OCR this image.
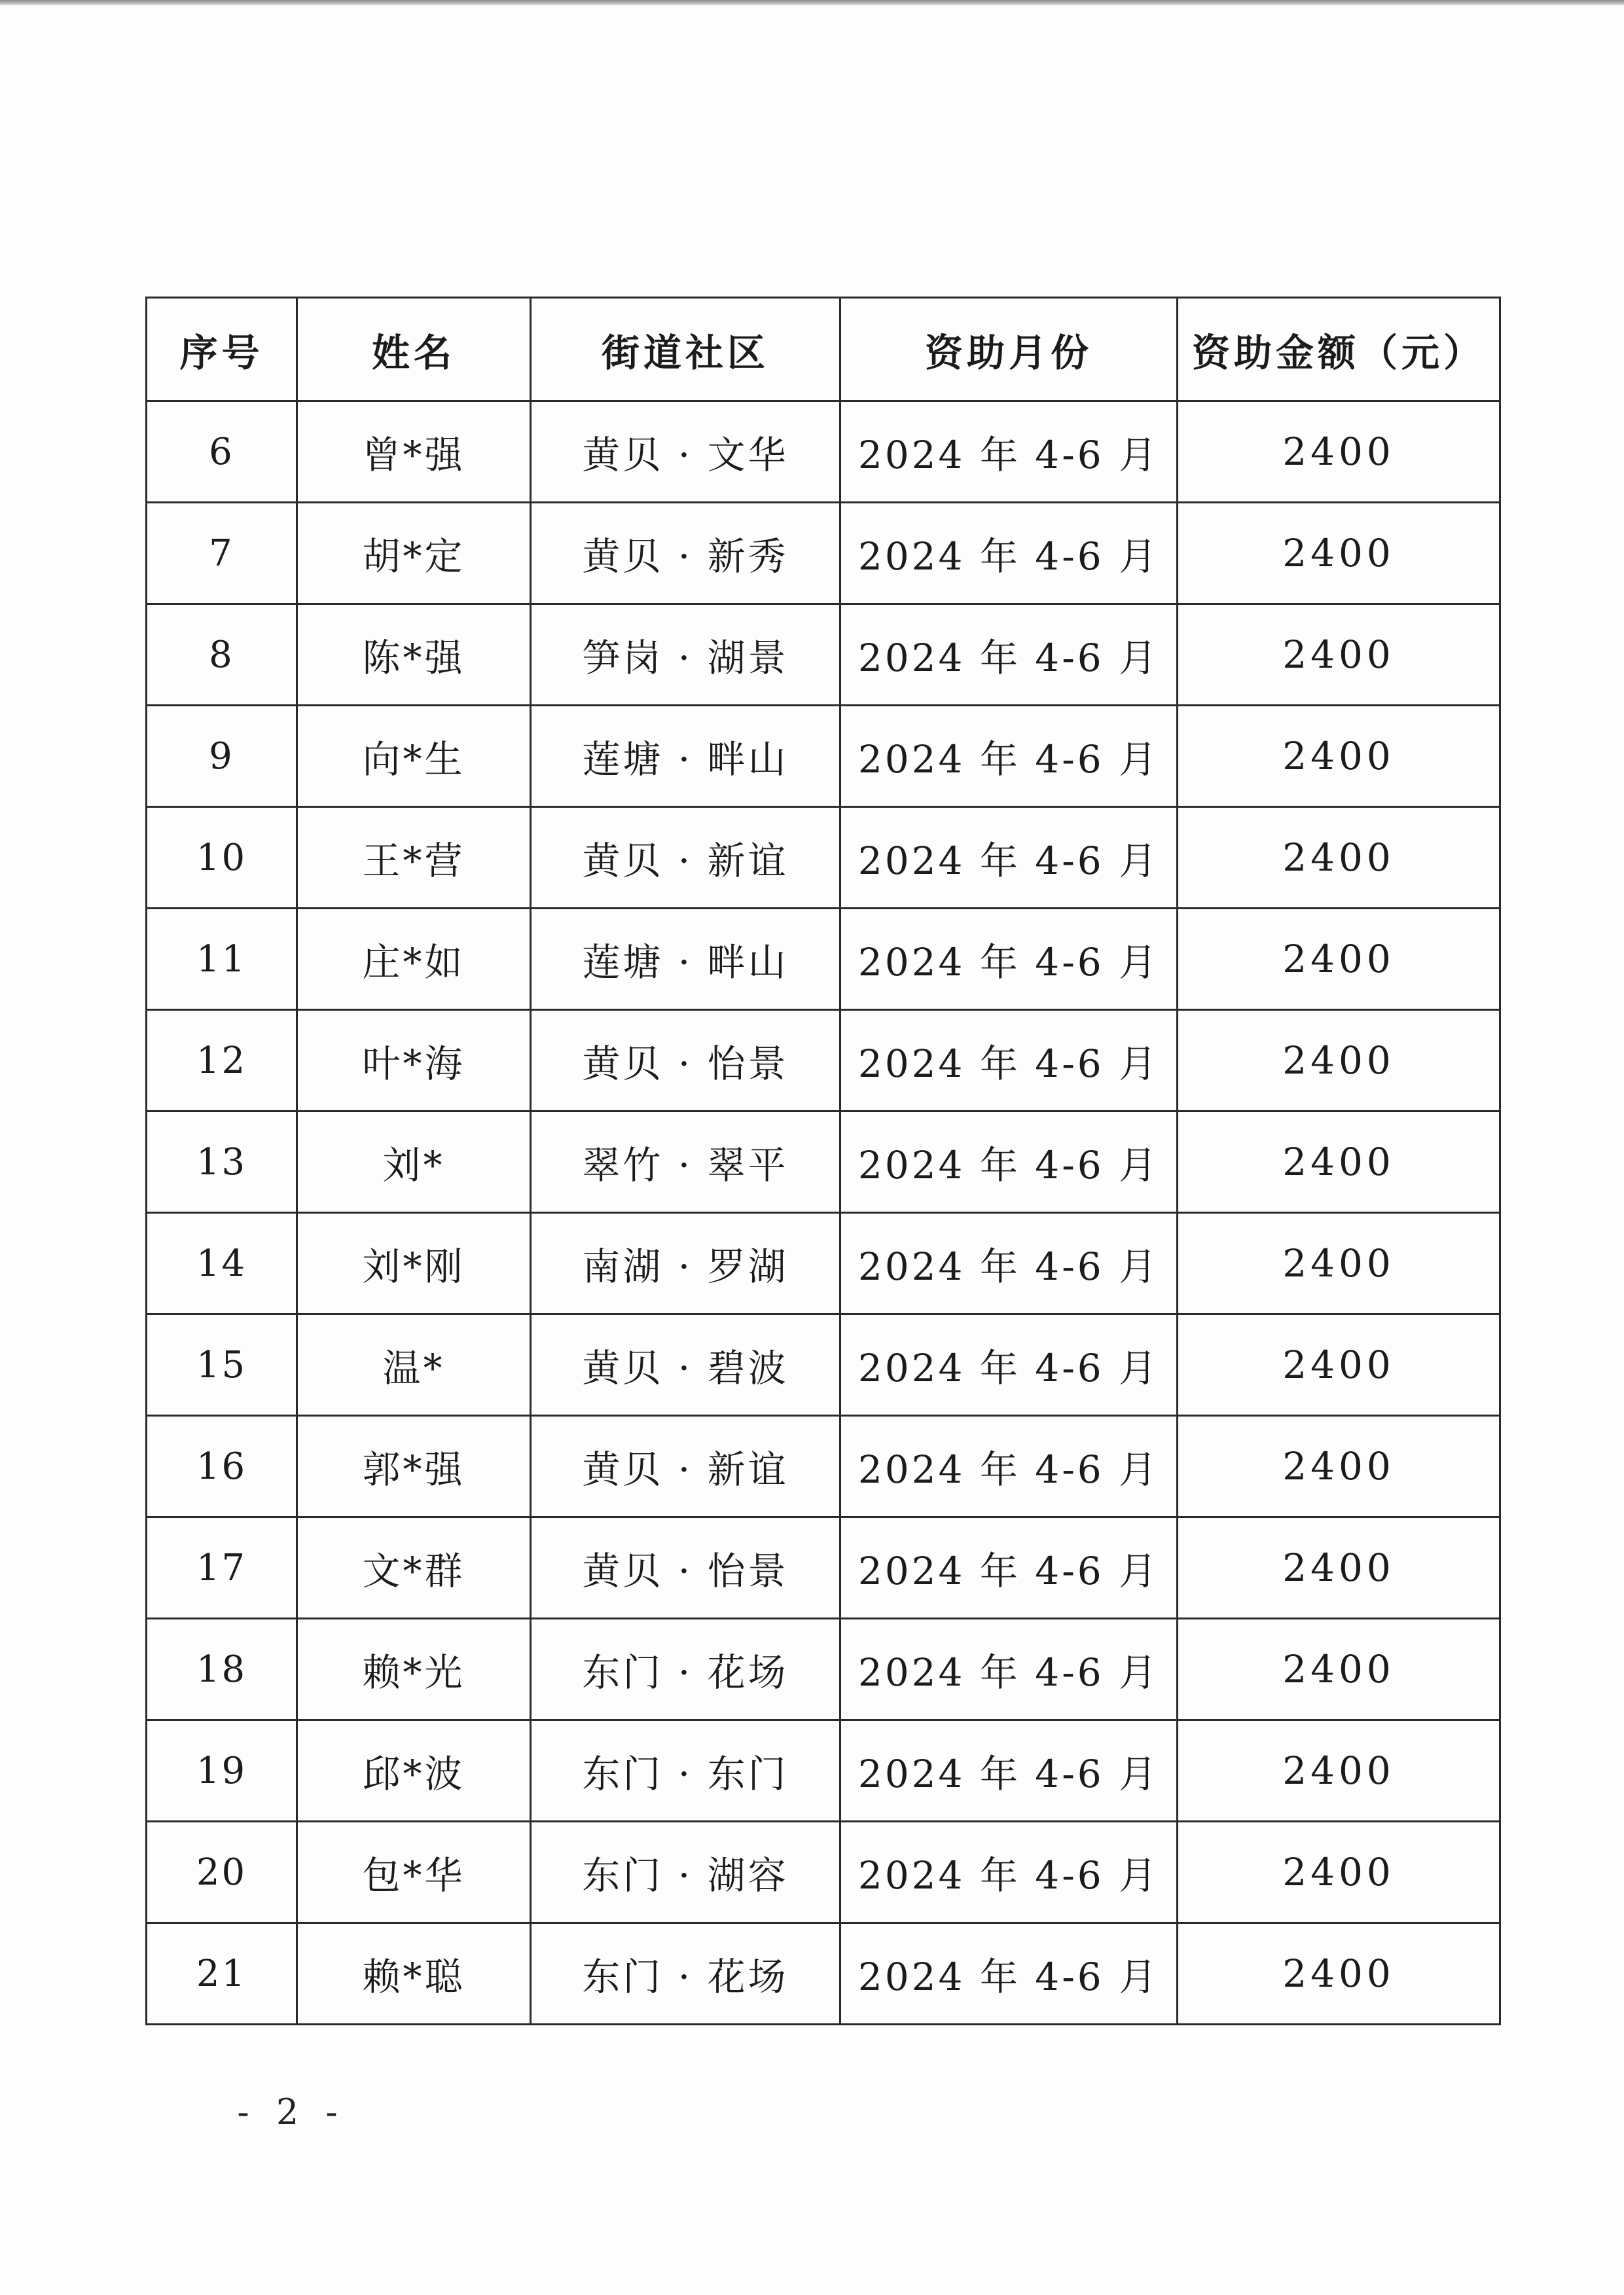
序号	姓名	街道社区	资助月份	资助金额（元）
6	曾*强	黄贝 · 文华	2024 年 4-6 月	2400
7	胡*定	黄贝 · 新秀	2024 年 4-6 月	2400
8	陈*强	笋岗 · 湖景	2024 年 4-6 月	2400
9	向*生	莲塘 · 畔山	2024 年 4-6 月	2400
10	王*营	黄贝 · 新谊	2024 年 4-6 月	2400
11	庄*如	莲塘 · 畔山	2024 年 4-6 月	2400
12	叶*海	黄贝 · 怡景	2024 年 4-6 月	2400
13	刘*	翠竹 · 翠平	2024 年 4-6 月	2400
14	刘*刚	南湖 · 罗湖	2024 年 4-6 月	2400
15	温*	黄贝 · 碧波	2024 年 4-6 月	2400
16	郭*强	黄贝 · 新谊	2024 年 4-6 月	2400
17	文*群	黄贝 · 怡景	2024 年 4-6 月	2400
18	赖*光	东门 · 花场	2024 年 4-6 月	2400
19	邱*波	东门 · 东门	2024 年 4-6 月	2400
20	包*华	东门 · 湖容	2024 年 4-6 月	2400
21	赖*聪	东门 · 花场	2024 年 4-6 月	2400
- 2 -
